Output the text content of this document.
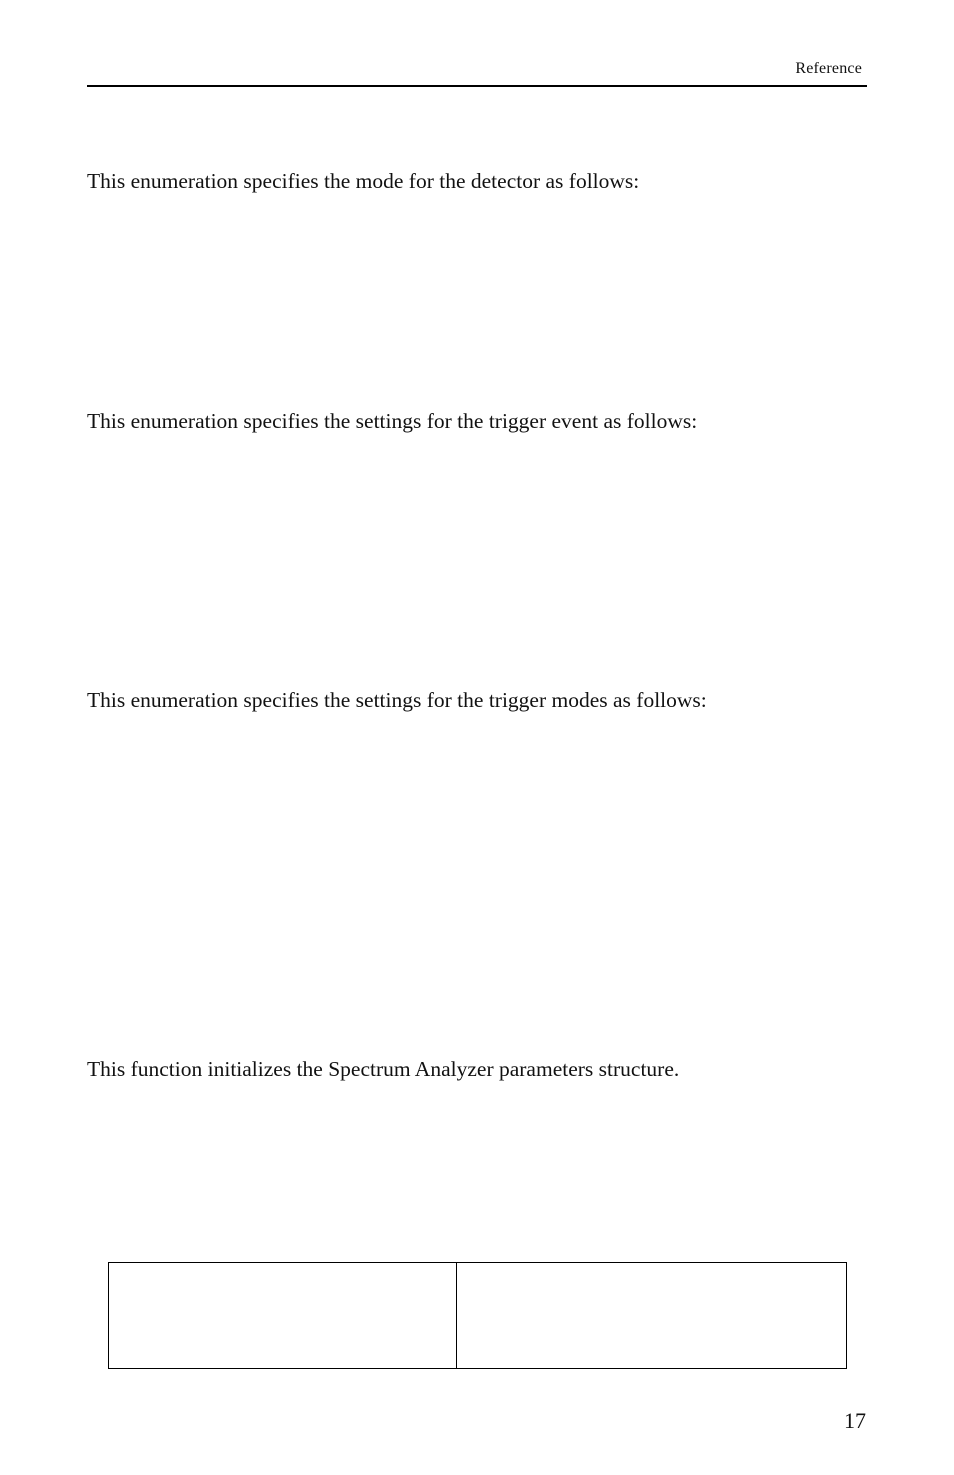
Reference

This enumeration specifies the mode for the detector as follows:

This enumeration specifies the settings for the trigger event as follows:

This enumeration specifies the settings for the trigger modes as follows:

This function initializes the Spectrum Analyzer parameters structure.

17
